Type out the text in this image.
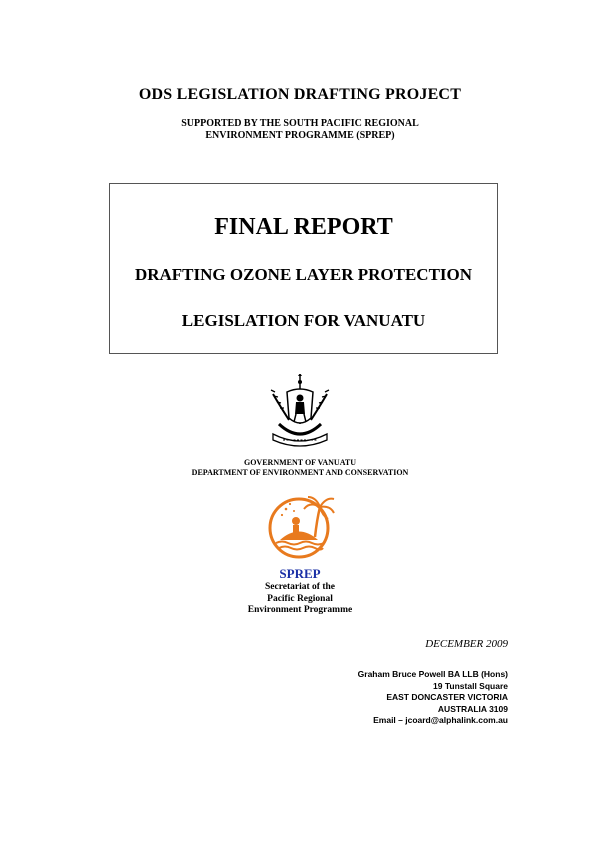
ODS LEGISLATION DRAFTING PROJECT
SUPPORTED BY THE SOUTH PACIFIC REGIONAL
ENVIRONMENT PROGRAMME (SPREP)
FINAL REPORT
DRAFTING OZONE LAYER PROTECTION
LEGISLATION FOR VANUATU
GOVERNMENT OF VANUATU
DEPARTMENT OF ENVIRONMENT AND CONSERVATION
SPREP
Secretariat of the
Pacific Regional
Environment Programme
DECEMBER 2009
Graham Bruce Powell BA LLB (Hons)
19 Tunstall Square
EAST DONCASTER VICTORIA
AUSTRALIA 3109
Email – jcoard@alphalink.com.au
